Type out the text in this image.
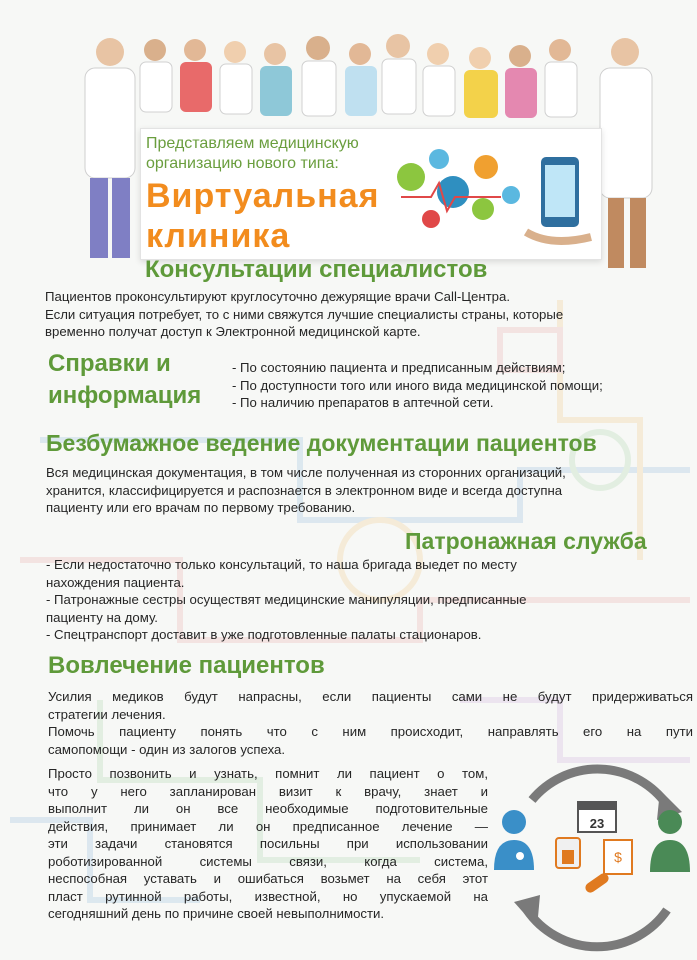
Представляем медицинскую
организацию нового типа:
Виртуальная
клиника
Консультации специалистов

Пациентов проконсультируют круглосуточно дежурящие врачи Call-Центра.

Если ситуация потребует, то с ними свяжутся лучшие специалисты страны, которые

временно получат доступ к Электронной медицинской карте.

Справки и
информация

- По состоянию пациента и предписанным действиям;

- По доступности того или иного вида медицинской помощи;

- По наличию препаратов в аптечной сети.

Безбумажное ведение документации пациентов

Вся медицинская документация, в том числе полученная из сторонних организаций,

хранится, классифицируется и распознается в электронном виде и всегда доступна

пациенту или его врачам по первому требованию.

Патронажная служба

- Если недостаточно только консультаций, то наша бригада выедет по месту

нахождения пациента.

- Патронажные сестры осуществят медицинские манипуляции, предписанные

пациенту на дому.

- Спецтранспорт доставит в уже подготовленные палаты стационаров.

Вовлечение пациентов

Усилия медиков будут напрасны, если пациенты сами не будут придерживаться

стратегии лечения.

Помочь пациенту понять что с ним происходит, направлять его на пути

самопомощи - один из залогов успеха.

Просто позвонить и узнать, помнит ли пациент о том,

что у него запланирован визит к врачу, знает и

выполнит ли он все необходимые подготовительные

действия, принимает ли он предписанное лечение —

эти задачи становятся посильны при использовании

роботизированной системы связи, когда система,

неспособная уставать и ошибаться возьмет на себя этот

пласт рутинной работы, известной, но упускаемой на

сегодняшний день по причине своей невыполнимости.

23
$
